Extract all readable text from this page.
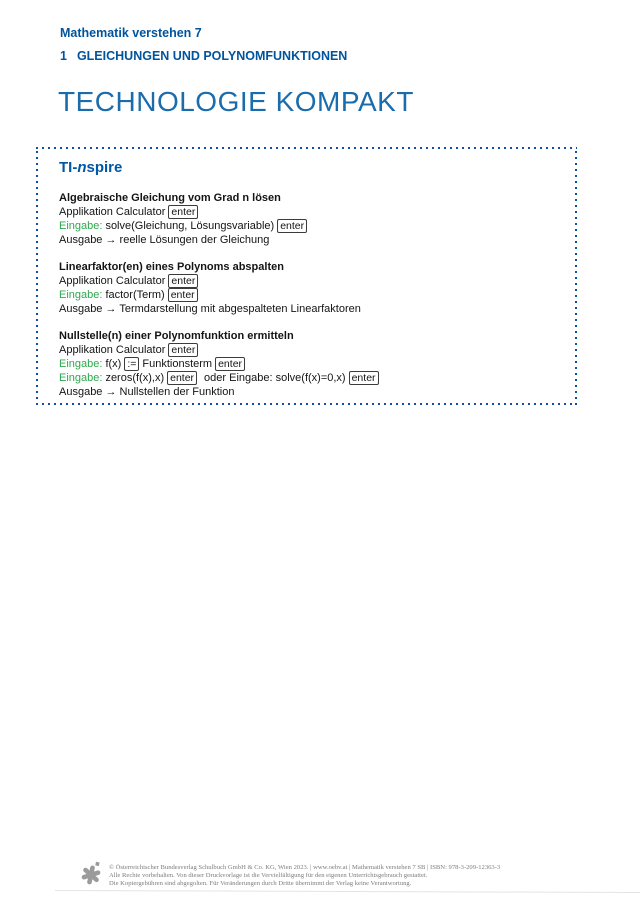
Mathematik verstehen 7
1 GLEICHUNGEN UND POLYNOMFUNKTIONEN
TECHNOLOGIE KOMPAKT
TI-nspire
Algebraische Gleichung vom Grad n lösen
Applikation Calculator enter
Eingabe: solve(Gleichung, Lösungsvariable) enter
Ausgabe → reelle Lösungen der Gleichung
Linearfaktor(en) eines Polynoms abspalten
Applikation Calculator enter
Eingabe: factor(Term) enter
Ausgabe → Termdarstellung mit abgespalteten Linearfaktoren
Nullstelle(n) einer Polynomfunktion ermitteln
Applikation Calculator enter
Eingabe: f(x) := Funktionsterm enter
Eingabe: zeros(f(x),x) enter oder Eingabe: solve(f(x)=0,x) enter
Ausgabe → Nullstellen der Funktion
© Österreichischer Bundesverlag Schulbuch GmbH & Co. KG, Wien 2023. | www.oebv.at | Mathematik verstehen 7 SB | ISBN: 978-3-209-12363-3
Alle Rechte vorbehalten. Von dieser Druckvorlage ist die Vervielfältigung für den eigenen Unterrichtsgebrauch gestattet.
Die Kopiergebühren sind abgegolten. Für Veränderungen durch Dritte übernimmt der Verlag keine Verantwortung.
